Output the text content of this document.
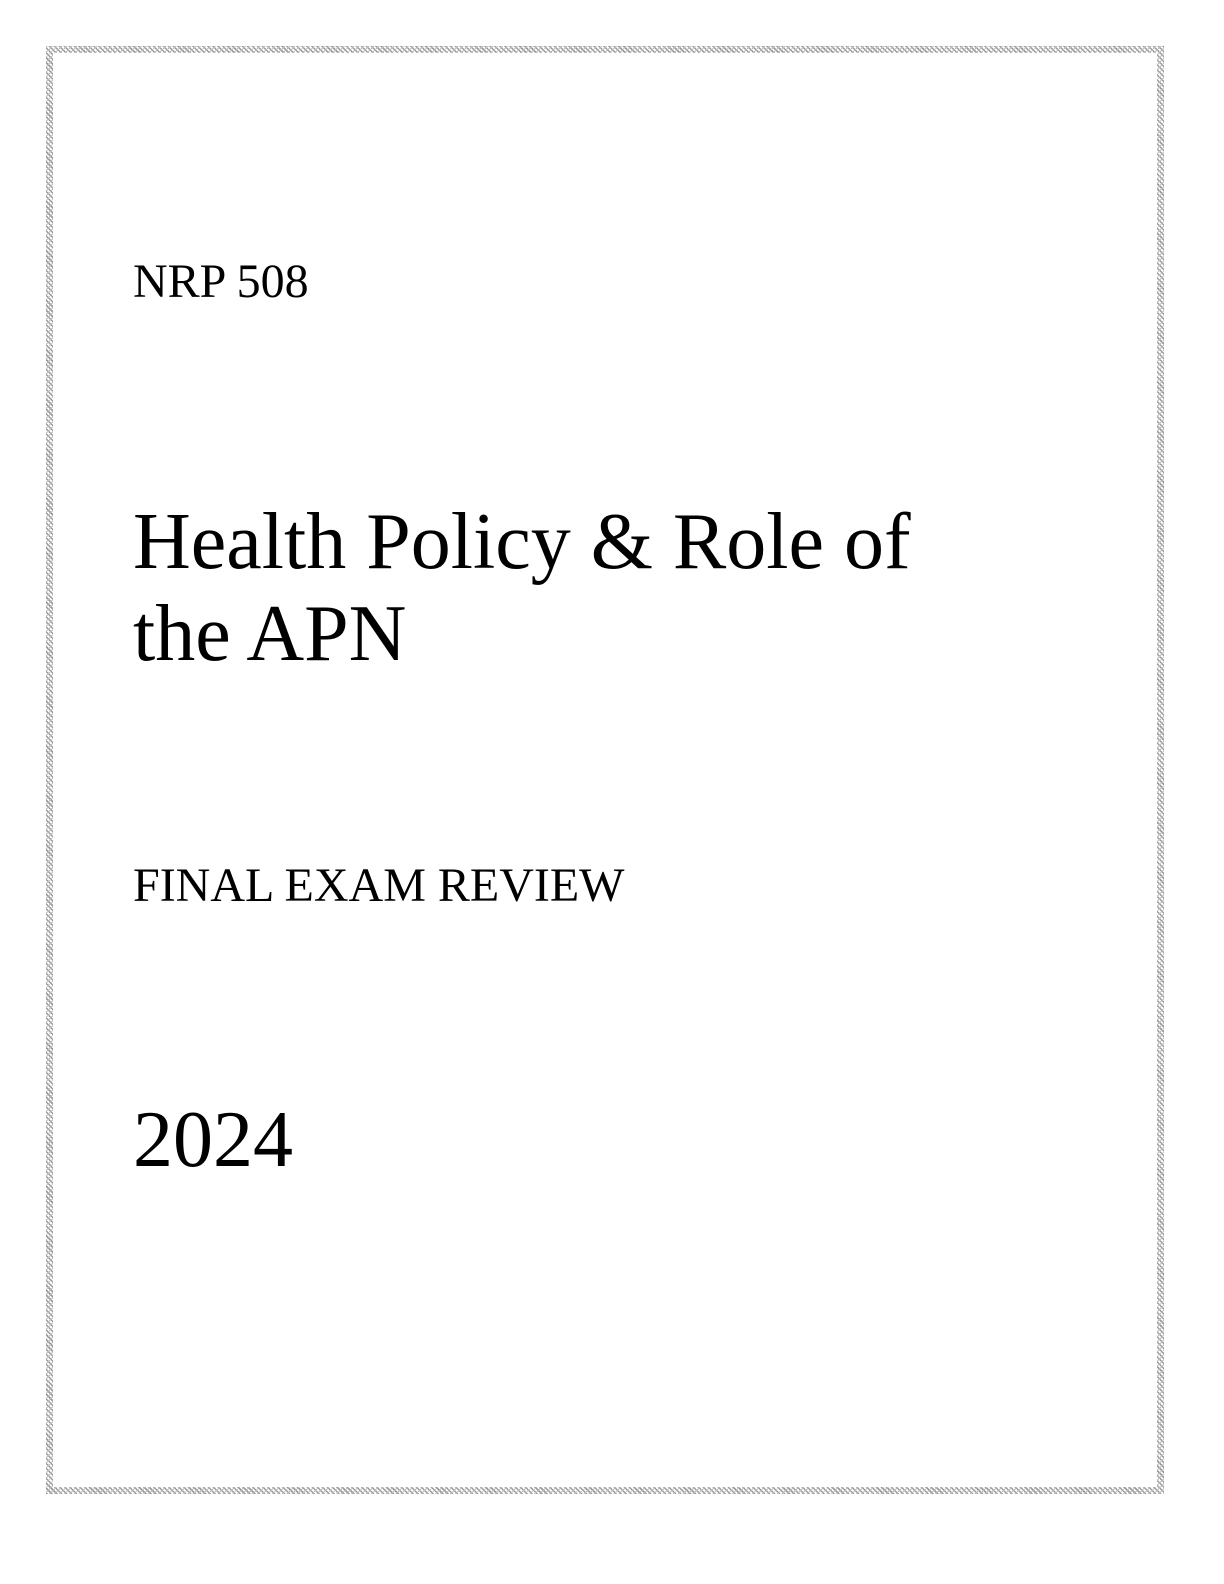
NRP 508
Health Policy & Role of
the APN
FINAL EXAM REVIEW
2024
